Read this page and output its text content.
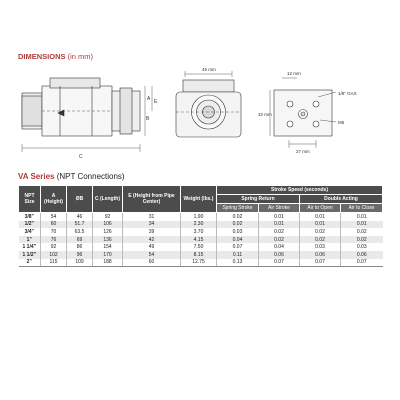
DIMENSIONS (in mm)
A E
B
C
45 mm
12 mm
1/8" GAS
32 mm
M5
27 mm
VA Series (NPT Connections)
NPT Size	A (Height)	ØB	C (Length)	E (Height from Pipe Center)	Weight (lbs.)	Stroke Speed (seconds)			
						Spring Return		Double Acting	
						Spring Stroke	Air Stroke	Air to Open	Air to Close
3/8"	54	46	92	31	1.90	0.02	0.01	0.01	0.01
1/2"	60	51.7	106	34	2.30	0.02	0.01	0.01	0.01
3/4"	70	63.5	126	39	3.70	0.03	0.02	0.02	0.02
1"	76	69	136	42	4.15	0.04	0.02	0.02	0.02
1 1/4"	92	86	154	49	7.50	0.07	0.04	0.03	0.03
1 1/2"	102	96	170	54	8.15	0.11	0.06	0.06	0.06
2"	115	109	188	60	12.75	0.13	0.07	0.07	0.07
